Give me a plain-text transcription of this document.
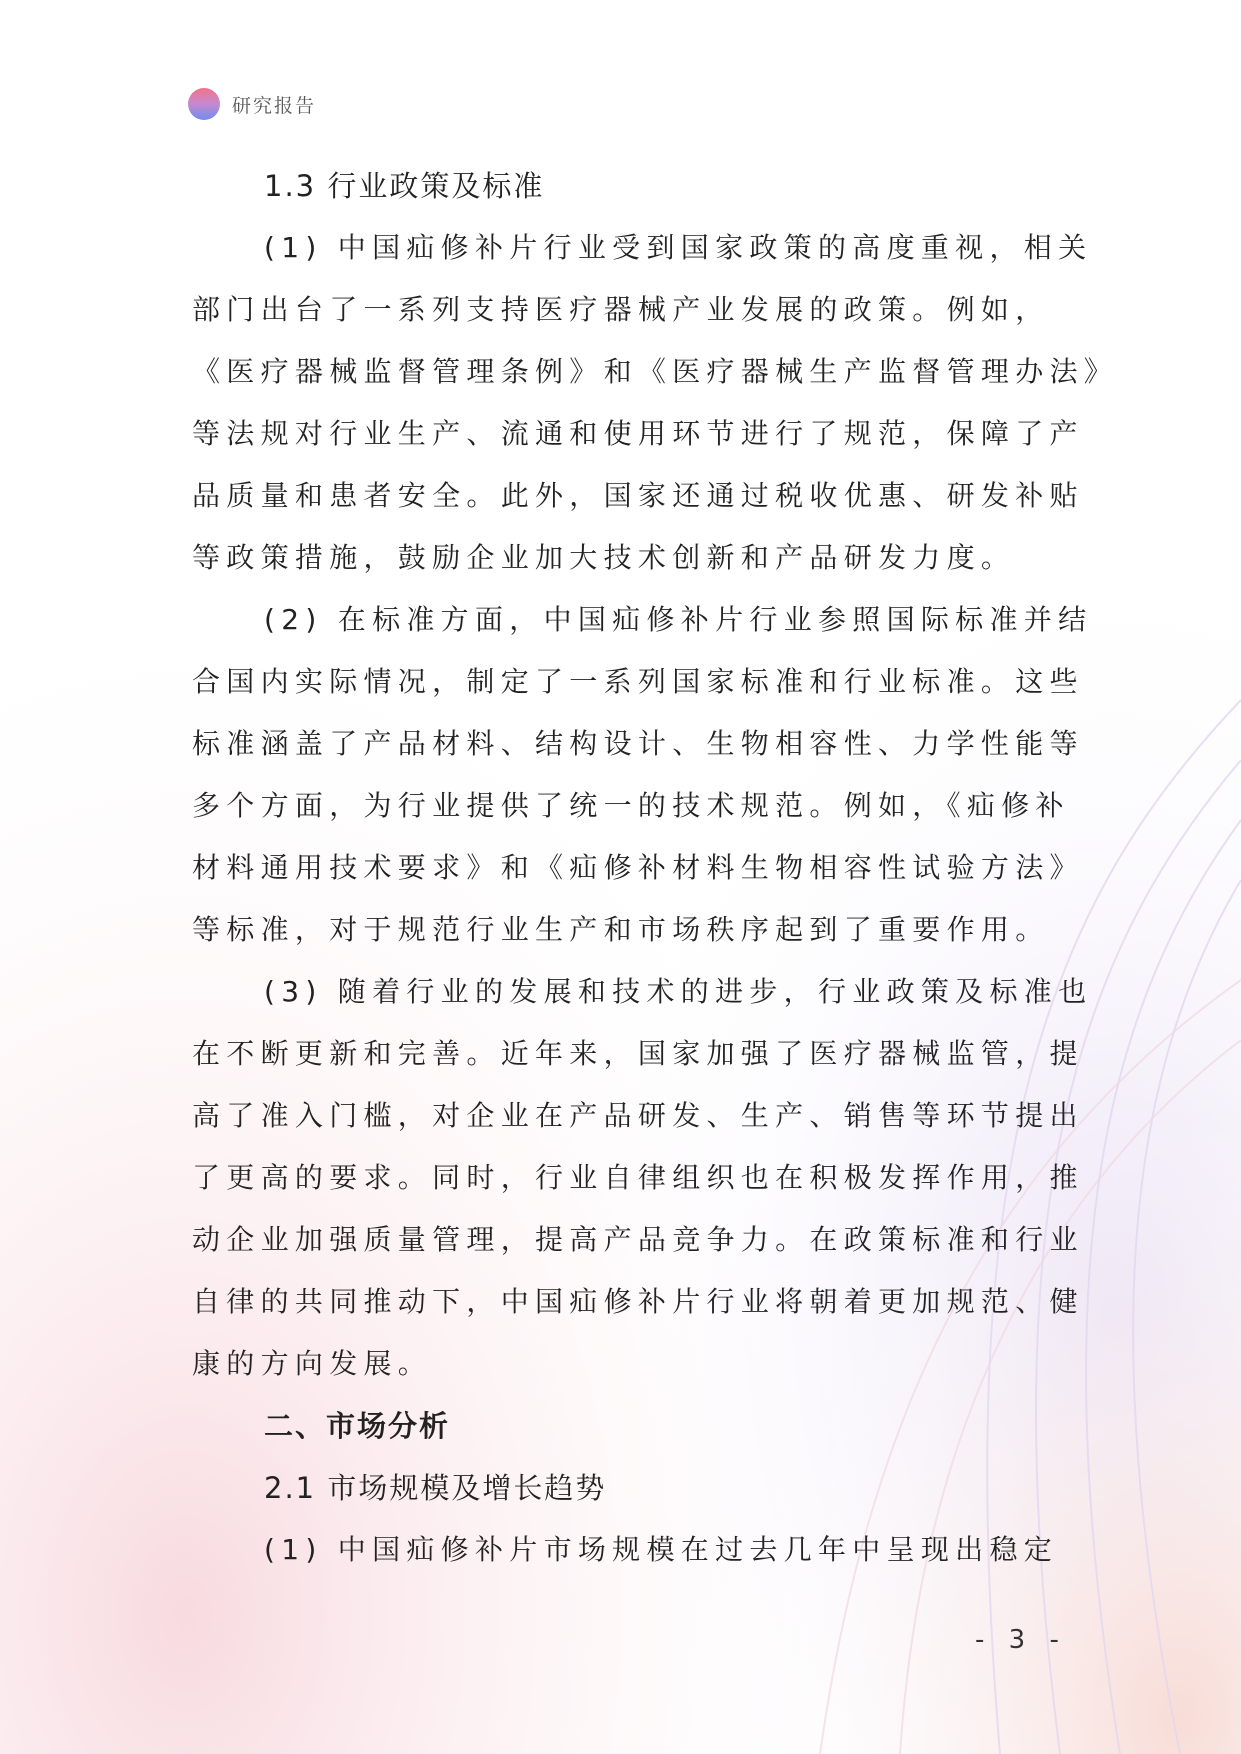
研究报告
1.3 行业政策及标准
(1) 中国疝修补片行业受到国家政策的高度重视，相关
部门出台了一系列支持医疗器械产业发展的政策。例如，
《医疗器械监督管理条例》和《医疗器械生产监督管理办法》
等法规对行业生产、流通和使用环节进行了规范，保障了产
品质量和患者安全。此外，国家还通过税收优惠、研发补贴
等政策措施，鼓励企业加大技术创新和产品研发力度。
(2) 在标准方面，中国疝修补片行业参照国际标准并结
合国内实际情况，制定了一系列国家标准和行业标准。这些
标准涵盖了产品材料、结构设计、生物相容性、力学性能等
多个方面，为行业提供了统一的技术规范。例如，《疝修补
材料通用技术要求》和《疝修补材料生物相容性试验方法》
等标准，对于规范行业生产和市场秩序起到了重要作用。
(3) 随着行业的发展和技术的进步，行业政策及标准也
在不断更新和完善。近年来，国家加强了医疗器械监管，提
高了准入门槛，对企业在产品研发、生产、销售等环节提出
了更高的要求。同时，行业自律组织也在积极发挥作用，推
动企业加强质量管理，提高产品竞争力。在政策标准和行业
自律的共同推动下，中国疝修补片行业将朝着更加规范、健
康的方向发展。
二、市场分析
2.1 市场规模及增长趋势
(1) 中国疝修补片市场规模在过去几年中呈现出稳定
- 3 -
